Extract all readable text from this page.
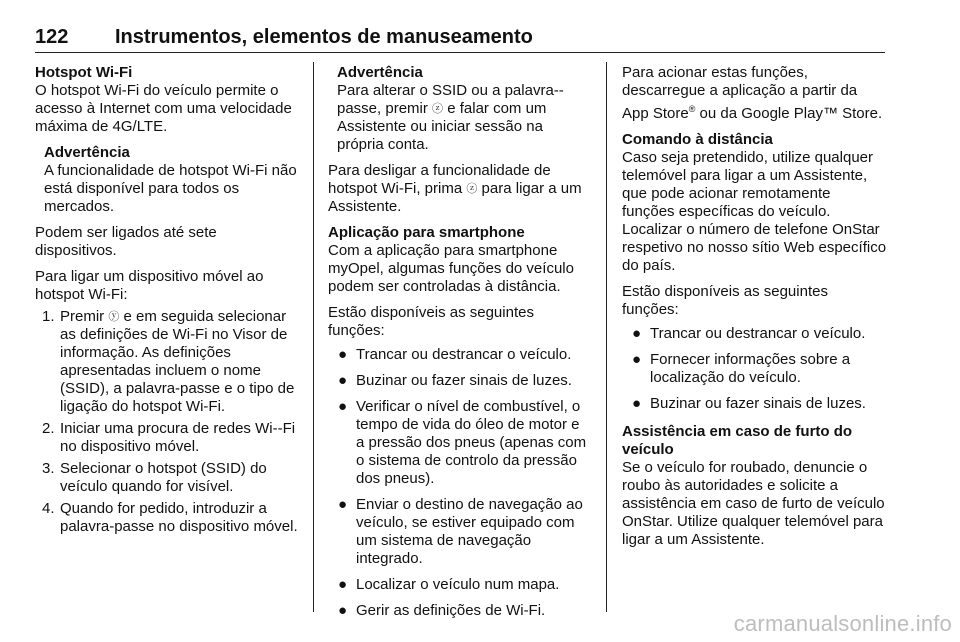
122 Instrumentos, elementos de manuseamento

Hotspot Wi-Fi
O hotspot Wi-Fi do veículo permite o acesso à Internet com uma velocidade máxima de 4G/LTE.

Advertência
A funcionalidade de hotspot Wi-Fi não está disponível para todos os mercados.

Podem ser ligados até sete dispositivos.

Para ligar um dispositivo móvel ao hotspot Wi-Fi:

1. Premir ⓨ e em seguida selecionar as definições de Wi-Fi no Visor de informação. As definições apresentadas incluem o nome (SSID), a palavra-passe e o tipo de ligação do hotspot Wi-Fi.
2. Iniciar uma procura de redes Wi--Fi no dispositivo móvel.
3. Selecionar o hotspot (SSID) do veículo quando for visível.
4. Quando for pedido, introduzir a palavra-passe no dispositivo móvel.
Advertência
Para alterar o SSID ou a palavra--passe, premir ⓩ e falar com um Assistente ou iniciar sessão na própria conta.

Para desligar a funcionalidade de hotspot Wi-Fi, prima ⓩ para ligar a um Assistente.

Aplicação para smartphone
Com a aplicação para smartphone myOpel, algumas funções do veículo podem ser controladas à distância.

Estão disponíveis as seguintes funções:

● Trancar ou destrancar o veículo.
● Buzinar ou fazer sinais de luzes.
● Verificar o nível de combustível, o tempo de vida do óleo de motor e a pressão dos pneus (apenas com o sistema de controlo da pressão dos pneus).
● Enviar o destino de navegação ao veículo, se estiver equipado com um sistema de navegação integrado.
● Localizar o veículo num mapa.
● Gerir as definições de Wi-Fi.

Para acionar estas funções, descarregue a aplicação a partir da App Store® ou da Google Play™ Store.

Comando à distância
Caso seja pretendido, utilize qualquer telemóvel para ligar a um Assistente, que pode acionar remotamente funções específicas do veículo. Localizar o número de telefone OnStar respetivo no nosso sítio Web específico do país.

Estão disponíveis as seguintes funções:

● Trancar ou destrancar o veículo.
● Fornecer informações sobre a localização do veículo.
● Buzinar ou fazer sinais de luzes.

Assistência em caso de furto do veículo
Se o veículo for roubado, denuncie o roubo às autoridades e solicite a assistência em caso de furto de veículo OnStar. Utilize qualquer telemóvel para ligar a um Assistente.

carmanualsonline.info
